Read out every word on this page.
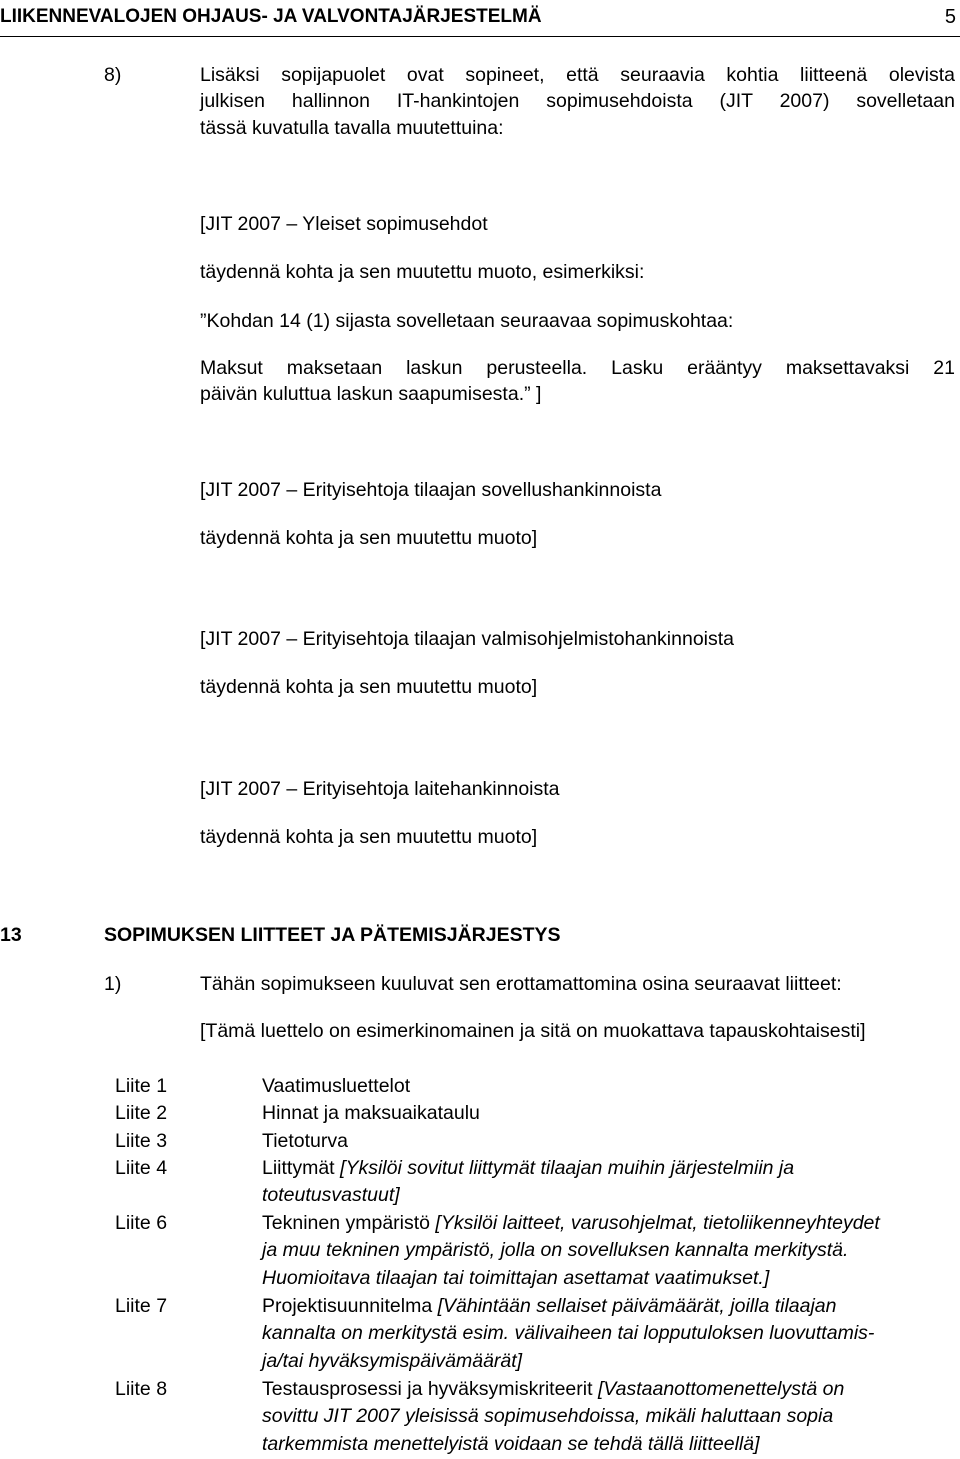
LIIKENNEVALOJEN OHJAUS- JA VALVONTAJÄRJESTELMÄ	5
8)	Lisäksi sopijapuolet ovat sopineet, että seuraavia kohtia liitteenä olevista
julkisen hallinnon IT-hankintojen sopimusehdoista (JIT 2007) sovelletaan
tässä kuvatulla tavalla muutettuina:
[JIT 2007 – Yleiset sopimusehdot
täydennä kohta ja sen muutettu muoto, esimerkiksi:
”Kohdan 14 (1) sijasta sovelletaan seuraavaa sopimuskohtaa:
Maksut maksetaan laskun perusteella. Lasku erääntyy maksettavaksi 21
päivän kuluttua laskun saapumisesta.” ]
[JIT 2007 – Erityisehtoja tilaajan sovellushankinnoista
täydennä kohta ja sen muutettu muoto]
[JIT 2007 – Erityisehtoja tilaajan valmisohjelmistohankinnoista
täydennä kohta ja sen muutettu muoto]
[JIT 2007 – Erityisehtoja laitehankinnoista
täydennä kohta ja sen muutettu muoto]
13	SOPIMUKSEN LIITTEET JA PÄTEMISJÄRJESTYS
1)	Tähän sopimukseen kuuluvat sen erottamattomina osina seuraavat liitteet:
[Tämä luettelo on esimerkinomainen ja sitä on muokattava tapauskohtaisesti]
Liite 1	Vaatimusluettelot
Liite 2	Hinnat ja maksuaikataulu
Liite 3	Tietoturva
Liite 4	Liittymät [Yksilöi sovitut liittymät tilaajan muihin järjestelmiin ja
toteutusvastuut]
Liite 6	Tekninen ympäristö [Yksilöi laitteet, varusohjelmat, tietoliikenneyhteydet
ja muu tekninen ympäristö, jolla on sovelluksen kannalta merkitystä.
Huomioitava tilaajan tai toimittajan asettamat vaatimukset.]
Liite 7	Projektisuunnitelma [Vähintään sellaiset päivämäärät, joilla tilaajan
kannalta on merkitystä esim. välivaiheen tai lopputuloksen luovuttamis-
ja/tai hyväksymispäivämäärät]
Liite 8	Testausprosessi ja hyväksymiskriteerit [Vastaanottomenettelystä on
sovittu JIT 2007 yleisissä sopimusehdoissa, mikäli haluttaan sopia
tarkemmista menettelyistä voidaan se tehdä tällä liitteellä]
